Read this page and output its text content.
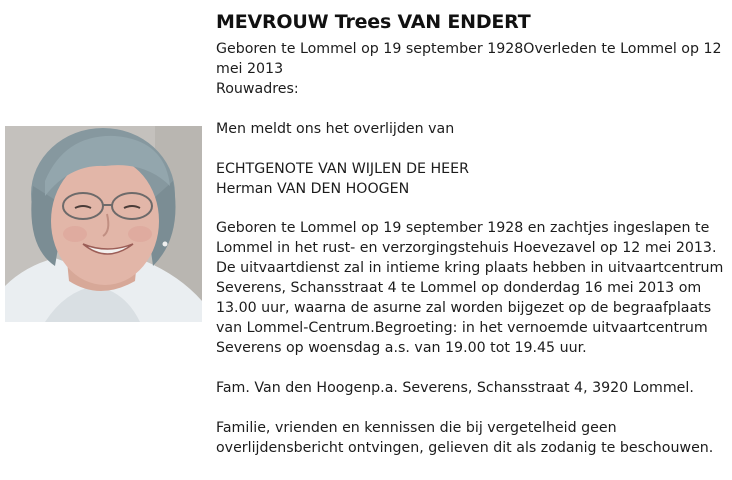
MEVROUW Trees VAN ENDERT

Geboren te Lommel op 19 september 1928Overleden te Lommel op 12 mei 2013

Rouwadres:

Men meldt ons het overlijden van

ECHTGENOTE VAN WIJLEN DE HEER

Herman VAN DEN HOOGEN

Geboren te Lommel op 19 september 1928 en zachtjes ingeslapen te Lommel in het rust- en verzorgingstehuis Hoevezavel op 12 mei 2013. De uitvaartdienst zal in intieme kring plaats hebben in uitvaartcentrum Severens, Schansstraat 4 te Lommel op donderdag 16 mei 2013 om 13.00 uur, waarna de asurne zal worden bijgezet op de begraafplaats van Lommel-Centrum.Begroeting: in het vernoemde uitvaartcentrum Severens op woensdag a.s. van 19.00 tot 19.45 uur.

Fam. Van den Hoogenp.a. Severens, Schansstraat 4, 3920 Lommel.

Familie, vrienden en kennissen die bij vergetelheid geen overlijdensbericht ontvingen, gelieven dit als zodanig te beschouwen.
